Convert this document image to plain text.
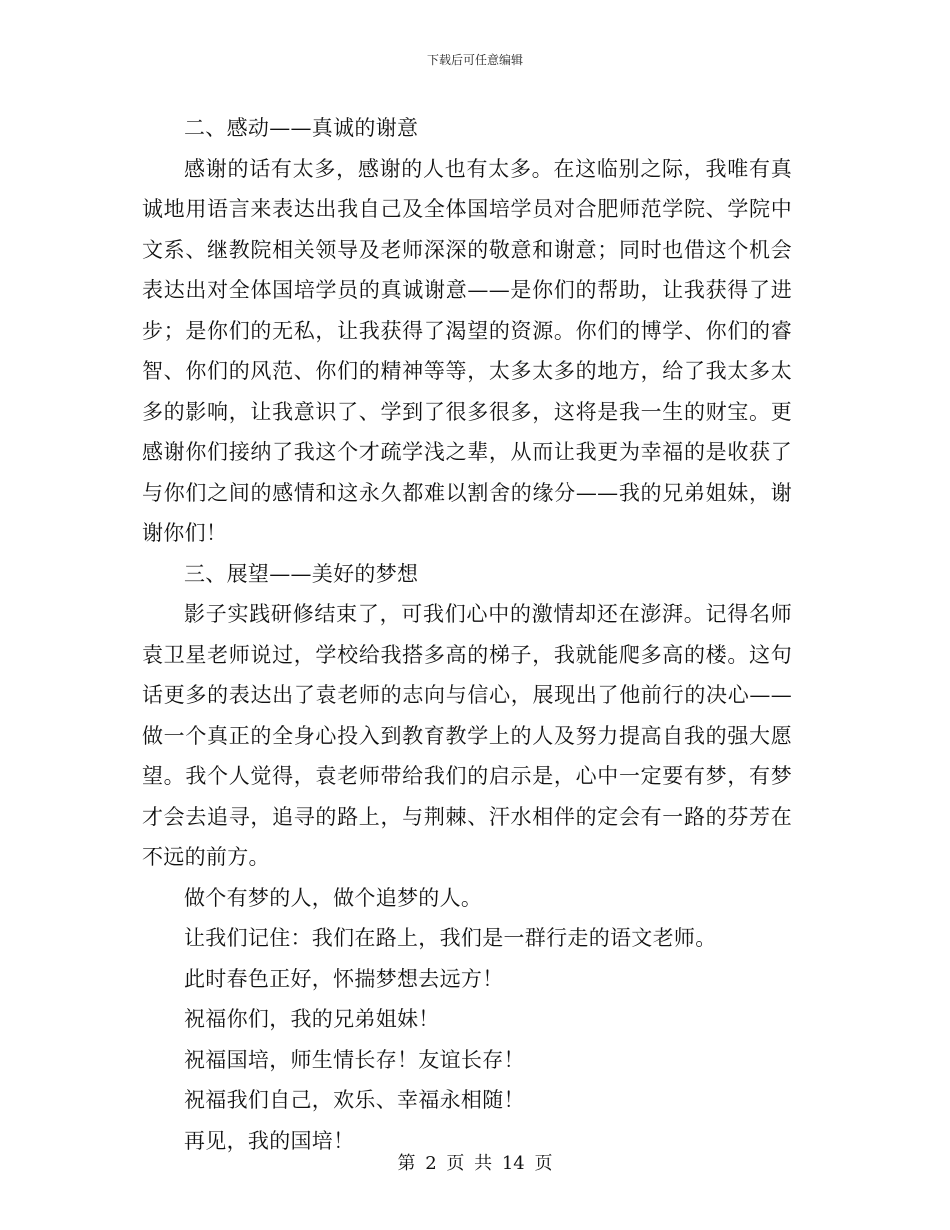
下载后可任意编辑

二、感动——真诚的谢意

感谢的话有太多，感谢的人也有太多。在这临别之际，我唯有真诚地用语言来表达出我自己及全体国培学员对合肥师范学院、学院中文系、继教院相关领导及老师深深的敬意和谢意；同时也借这个机会表达出对全体国培学员的真诚谢意——是你们的帮助，让我获得了进步；是你们的无私，让我获得了渴望的资源。你们的博学、你们的睿智、你们的风范、你们的精神等等，太多太多的地方，给了我太多太多的影响，让我意识了、学到了很多很多，这将是我一生的财宝。更感谢你们接纳了我这个才疏学浅之辈，从而让我更为幸福的是收获了与你们之间的感情和这永久都难以割舍的缘分——我的兄弟姐妹，谢谢你们！

三、展望——美好的梦想

影子实践研修结束了，可我们心中的激情却还在澎湃。记得名师袁卫星老师说过，学校给我搭多高的梯子，我就能爬多高的楼。这句话更多的表达出了袁老师的志向与信心，展现出了他前行的决心——做一个真正的全身心投入到教育教学上的人及努力提高自我的强大愿望。我个人觉得，袁老师带给我们的启示是，心中一定要有梦，有梦才会去追寻，追寻的路上，与荆棘、汗水相伴的定会有一路的芬芳在不远的前方。

做个有梦的人，做个追梦的人。

让我们记住：我们在路上，我们是一群行走的语文老师。

此时春色正好，怀揣梦想去远方！

祝福你们，我的兄弟姐妹！

祝福国培，师生情长存！友谊长存！

祝福我们自己，欢乐、幸福永相随！

再见，我的国培！

第 2 页 共 14 页
